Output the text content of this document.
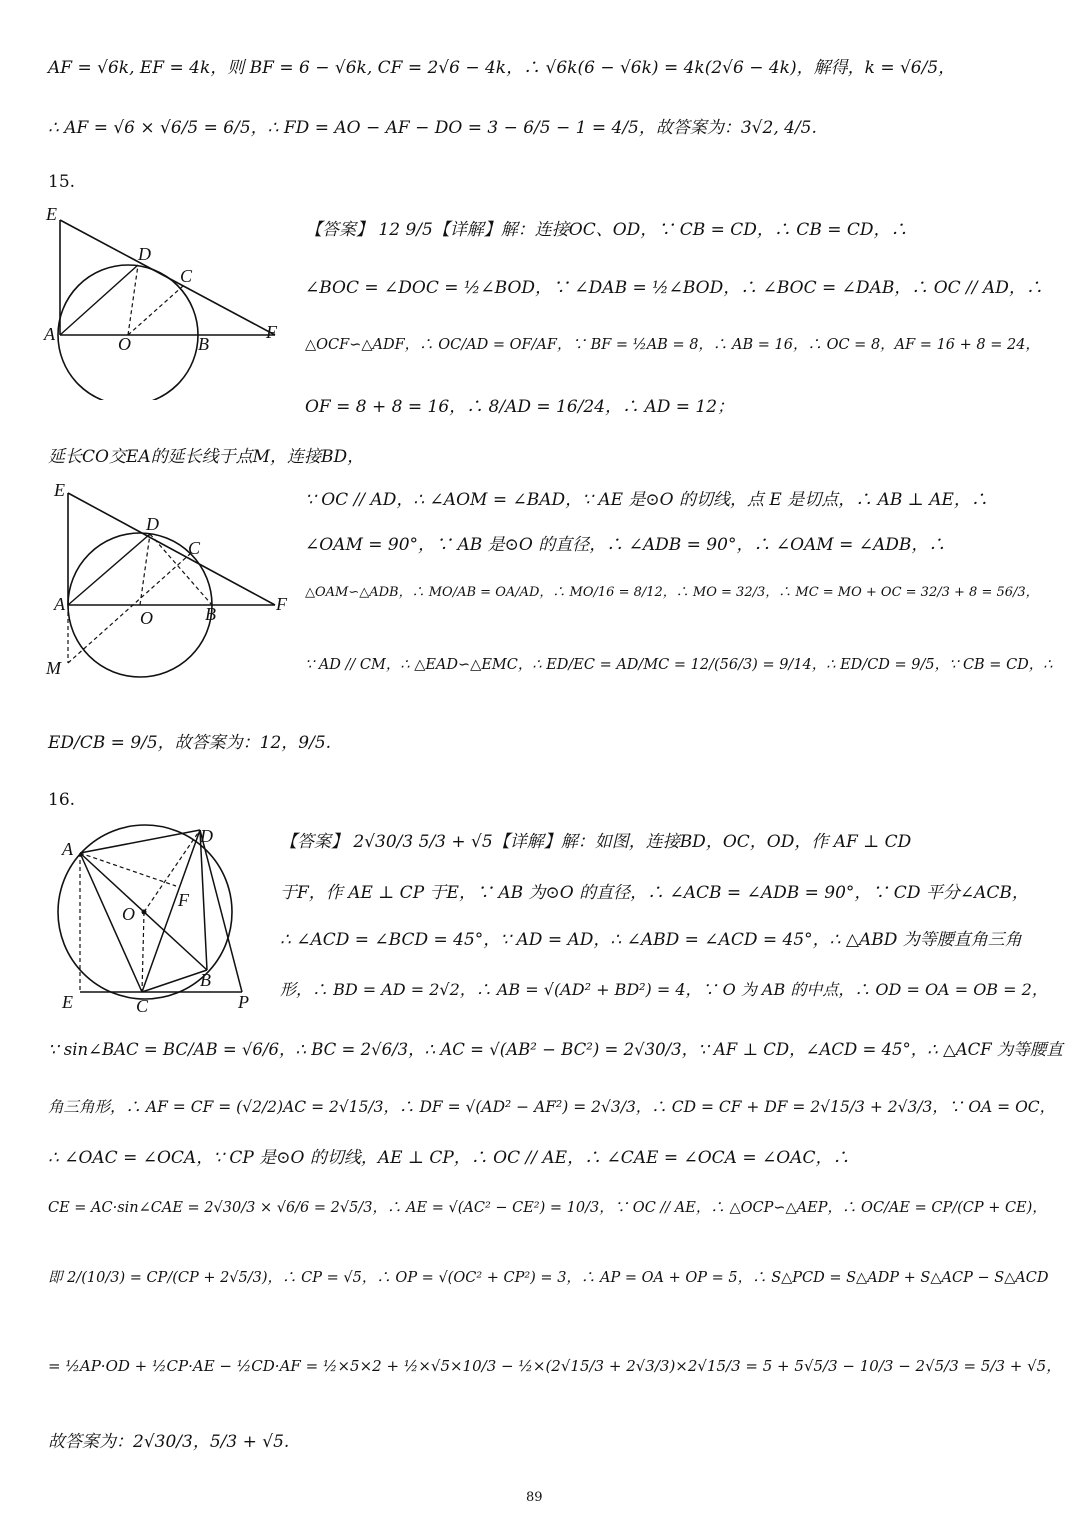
AF = √6k, EF = 4k，则 BF = 6 − √6k, CF = 2√6 − 4k，∴ √6k(6 − √6k) = 4k(2√6 − 4k)，解得，k = √6/5，
∴ AF = √6 × √6/5 = 6/5，∴ FD = AO − AF − DO = 3 − 6/5 − 1 = 4/5，故答案为：3√2, 4/5.
15.
E
D
C
A	O	B
F
【答案】 12 9/5【详解】解：连接OC、OD，∵ CB = CD，∴ CB = CD，∴
∠BOC = ∠DOC = ½∠BOD，∵ ∠DAB = ½∠BOD，∴ ∠BOC = ∠DAB，∴ OC // AD，∴
△OCF∽△ADF，∴ OC/AD = OF/AF，∵ BF = ½AB = 8，∴ AB = 16，∴ OC = 8，AF = 16 + 8 = 24，
OF = 8 + 8 = 16，∴ 8/AD = 16/24，∴ AD = 12；
延长CO交EA的延长线于点M，连接BD，
E
D
C
A
O	B	F
M
∵ OC // AD，∴ ∠AOM = ∠BAD，∵ AE 是⊙O 的切线，点 E 是切点，∴ AB ⊥ AE，∴
∠OAM = 90°，∵ AB 是⊙O 的直径，∴ ∠ADB = 90°，∴ ∠OAM = ∠ADB，∴
△OAM∽△ADB，∴ MO/AB = OA/AD，∴ MO/16 = 8/12，∴ MO = 32/3，∴ MC = MO + OC = 32/3 + 8 = 56/3，
∵ AD // CM，∴ △EAD∽△EMC，∴ ED/EC = AD/MC = 12/(56/3) = 9/14，∴ ED/CD = 9/5，∵ CB = CD，∴
ED/CB = 9/5，故答案为：12，9/5.
16.
A
D
O
F
B
E	C	P
【答案】 2√30/3 5/3 + √5【详解】解：如图，连接BD，OC，OD，作 AF ⊥ CD
于F，作 AE ⊥ CP 于E，∵ AB 为⊙O 的直径，∴ ∠ACB = ∠ADB = 90°，∵ CD 平分∠ACB，
∴ ∠ACD = ∠BCD = 45°，∵ AD = AD，∴ ∠ABD = ∠ACD = 45°，∴ △ABD 为等腰直角三角
形，∴ BD = AD = 2√2，∴ AB = √(AD² + BD²) = 4，∵ O 为 AB 的中点，∴ OD = OA = OB = 2，
∵ sin∠BAC = BC/AB = √6/6，∴ BC = 2√6/3，∴ AC = √(AB² − BC²) = 2√30/3，∵ AF ⊥ CD，∠ACD = 45°，∴ △ACF 为等腰直
角三角形，∴ AF = CF = (√2/2)AC = 2√15/3，∴ DF = √(AD² − AF²) = 2√3/3，∴ CD = CF + DF = 2√15/3 + 2√3/3，∵ OA = OC，
∴ ∠OAC = ∠OCA，∵ CP 是⊙O 的切线，AE ⊥ CP，∴ OC // AE，∴ ∠CAE = ∠OCA = ∠OAC，∴
CE = AC·sin∠CAE = 2√30/3 × √6/6 = 2√5/3，∴ AE = √(AC² − CE²) = 10/3，∵ OC // AE，∴ △OCP∽△AEP，∴ OC/AE = CP/(CP + CE)，
即 2/(10/3) = CP/(CP + 2√5/3)，∴ CP = √5，∴ OP = √(OC² + CP²) = 3，∴ AP = OA + OP = 5，∴ S△PCD = S△ADP + S△ACP − S△ACD
= ½AP·OD + ½CP·AE − ½CD·AF = ½×5×2 + ½×√5×10/3 − ½×(2√15/3 + 2√3/3)×2√15/3 = 5 + 5√5/3 − 10/3 − 2√5/3 = 5/3 + √5，
故答案为：2√30/3，5/3 + √5.
89
